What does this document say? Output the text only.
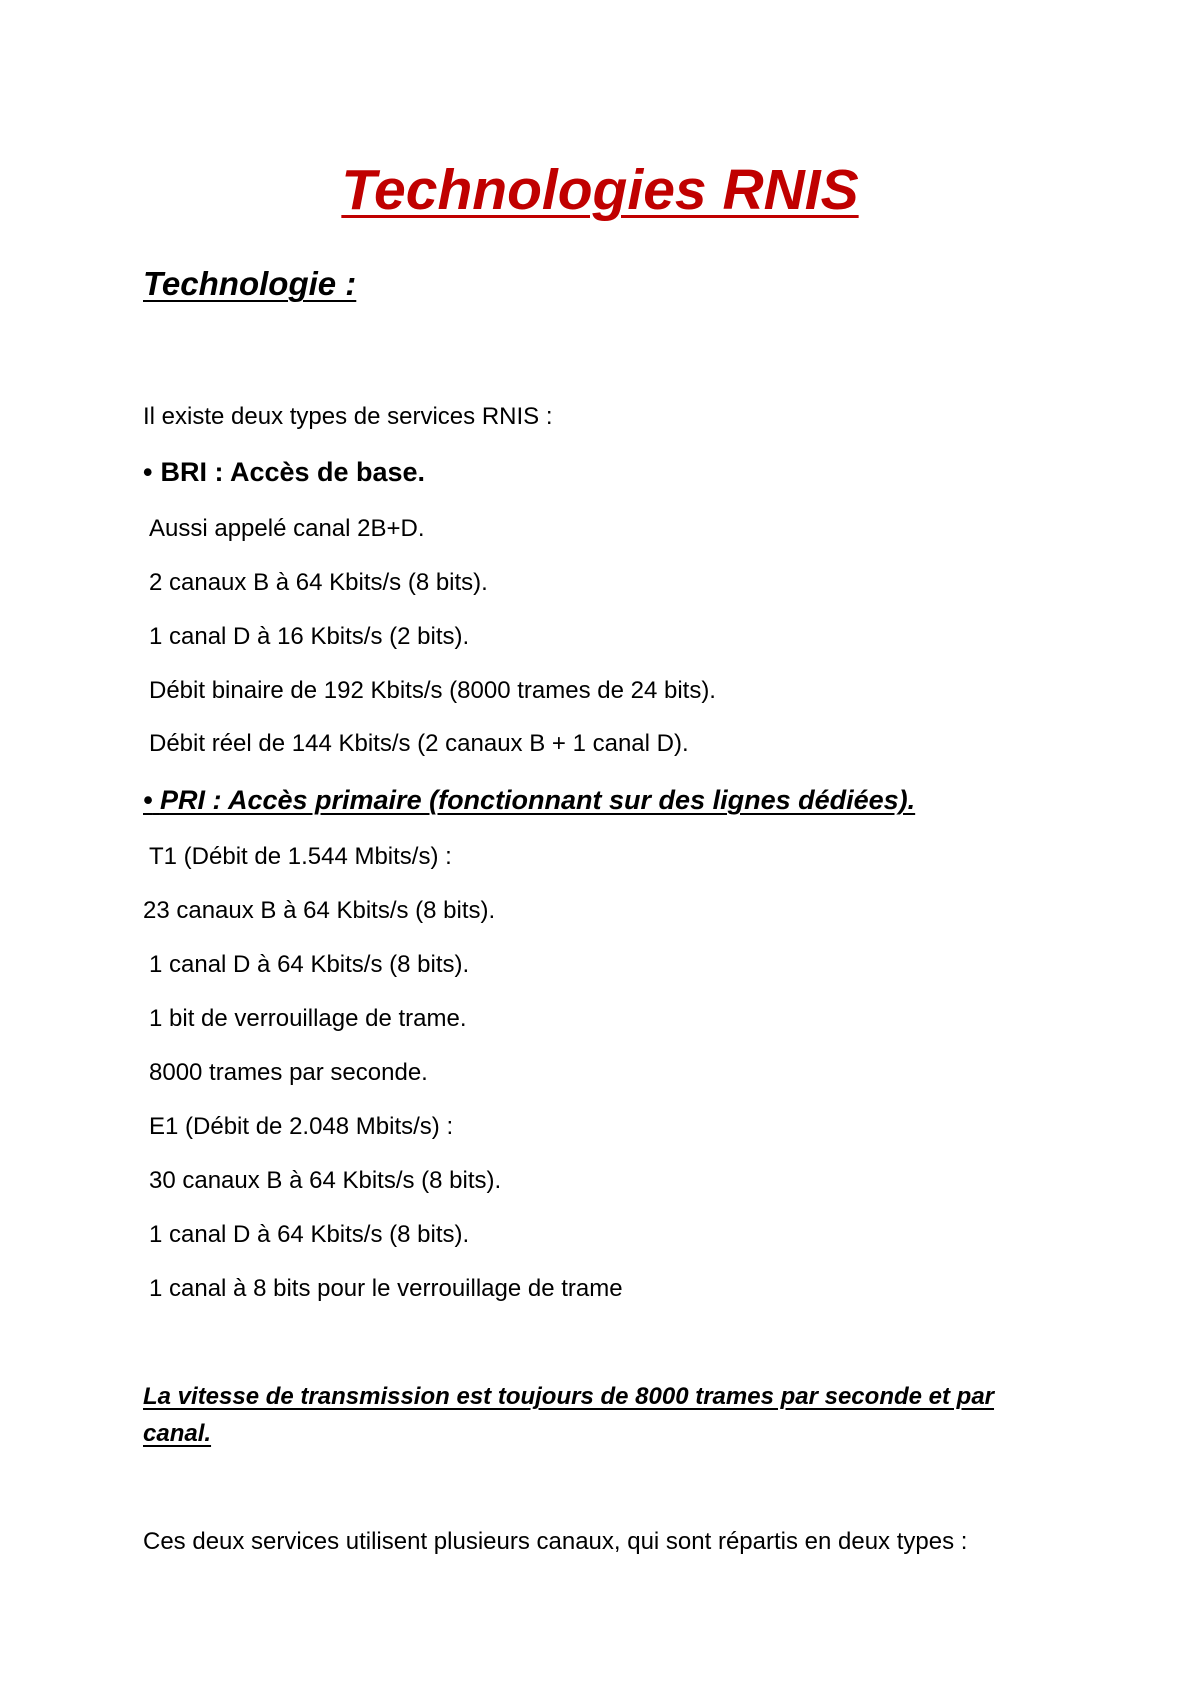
Technologies RNIS
Technologie :
Il existe deux types de services RNIS :
• BRI : Accès de base.
Aussi appelé canal 2B+D.
2 canaux B à 64 Kbits/s (8 bits).
1 canal D à 16 Kbits/s (2 bits).
Débit binaire de 192 Kbits/s (8000 trames de 24 bits).
Débit réel de 144 Kbits/s (2 canaux B + 1 canal D).
• PRI : Accès primaire (fonctionnant sur des lignes dédiées).
T1 (Débit de 1.544 Mbits/s) :
23 canaux B à 64 Kbits/s (8 bits).
1 canal D à 64 Kbits/s (8 bits).
1 bit de verrouillage de trame.
8000 trames par seconde.
E1 (Débit de 2.048 Mbits/s) :
30 canaux B à 64 Kbits/s (8 bits).
1 canal D à 64 Kbits/s (8 bits).
1 canal à 8 bits pour le verrouillage de trame
La vitesse de transmission est toujours de 8000 trames par seconde et par
canal.
Ces deux services utilisent plusieurs canaux, qui sont répartis en deux types :
